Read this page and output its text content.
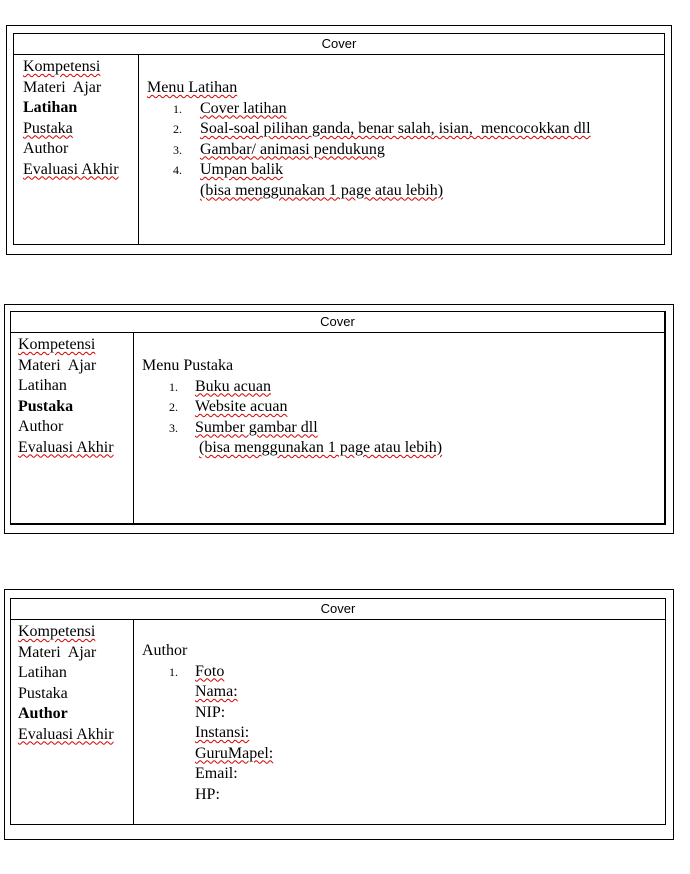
Cover
Kompetensi
Materi  Ajar
Latihan
Pustaka
Author
Evaluasi Akhir
Menu Latihan
1. Cover latihan
2. Soal-soal pilihan ganda, benar salah, isian,  mencocokkan dll
3. Gambar/ animasi pendukung
4. Umpan balik
(bisa menggunakan 1 page atau lebih)
Cover
Kompetensi
Materi  Ajar
Latihan
Pustaka
Author
Evaluasi Akhir
Menu Pustaka
1. Buku acuan
2. Website acuan
3. Sumber gambar dll
(bisa menggunakan 1 page atau lebih)
Cover
Kompetensi
Materi  Ajar
Latihan
Pustaka
Author
Evaluasi Akhir
Author
1. Foto
Nama:
NIP:
Instansi:
GuruMapel:
Email:
HP:
